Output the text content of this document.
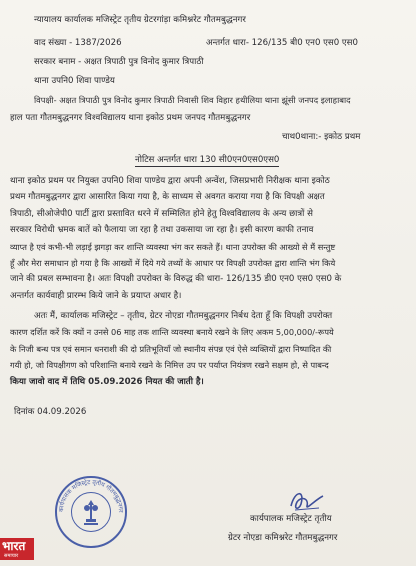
न्यायालय कार्यालक मजिस्ट्रेट तृतीय ग्रेटरगांड़ा कमिश्नरेट गौतमबुद्धनगर
वाद संख्या - 1387/2026	अन्तर्गत धारा- 126/135 बी0 एन0 एस0 एस0
सरकार बनाम - अक्षत त्रिपाठी पुत्र विनोद कुमार त्रिपाठी
थाना उपनि0 शिवा पाण्डेय
विपक्षी- अक्षत त्रिपाठी पुत्र विनोद कुमार त्रिपाठी निवासी शिव विहार हथीलिया थाना झूंसी जनपद इलाहाबाद
हाल पता गौतमबुद्धनगर विश्वविद्यालय थाना इकोठ प्रथम जनपद गौतमबुद्धनगर
चाथ0थाना:- इकोठ प्रथम
नोटिस अन्तर्गत धारा 130 सी0एन0एस0एस0
थाना इकोठ प्रथम पर नियुक्त उपनि0 शिवा पाण्डेय द्वारा अपनी अन्वेंश, जिसप्रभारी निरीक्षक थाना इकोठ
प्रथम गौतमबुद्धनगर द्वारा आसारित किया गया है, के साध्यम से अवगत कराया गया है कि विपक्षी अक्षत
त्रिपाठी, सीओजेपी0 पार्टी द्वारा प्रस्तावित धरने में सम्मिलित होने हेतु विश्वविद्यालय के अन्य छात्रों से
सरकार विरोधी भ्रमक बातें को फैलाया जा रहा है तथा उकसाया जा रहा है। इसी कारण काफी तनाव
व्याप्त है एवं कभी-भी लड़ाई झगड़ा कर शान्ति व्यवस्था भंग कर सकते हैं। थाना उपरोक्त की आख्यो से मैं सन्तुष्ट
हूँ और मेरा समाधान हो गया है कि आख्यों में दिये गये तथ्यों के आधार पर विपक्षी उपरोक्त द्वारा शान्ति भंग किये
जाने की प्रबल सम्भावना है। अतः विपक्षी उपरोक्त के विरुद्ध की धारा- 126/135 डी0 एन0 एस0 एस0 के
अन्तर्गत कार्यवाही प्रारम्भ किये जाने के प्रयाप्त अधार है।
अतः मैं, कार्यालक मजिस्ट्रेट – तृतीय, ग्रेटर नोएडा गौतमबुद्धनगर निर्बध देता हूँ कि विपक्षी उपरोक्त
कारण दर्शित करें कि क्यों न उनसे 06 माह तक शान्ति व्यवस्था बनाये रखने के लिए अकम 5,00,000/-रूपये
के निजी बन्ध पत्र एवं समान धनराशी की दो प्रतिभूतियाँ जो स्थानीय संपन्न एवं ऐसे व्यक्तियों द्वारा निष्पादित की
गयी हो, जो विपक्षीगण को परिशान्ति बनाये रखने के निमित्त उप पर पर्याप्त नियंत्रण रखने सक्षम हो, से पाबन्द
किया जावो वाद में तिथि 05.09.2026 नियत की जाती है।
दिनांक 04.09.2026
कार्यपालक मजिस्ट्रेट तृतीय गौतमबुद्धनगर
कार्यपालक मजिस्ट्रेट तृतीय
ग्रेटर नोएडा कमिश्नरेट गौतमबुद्धनगर
भारत
समाचार
